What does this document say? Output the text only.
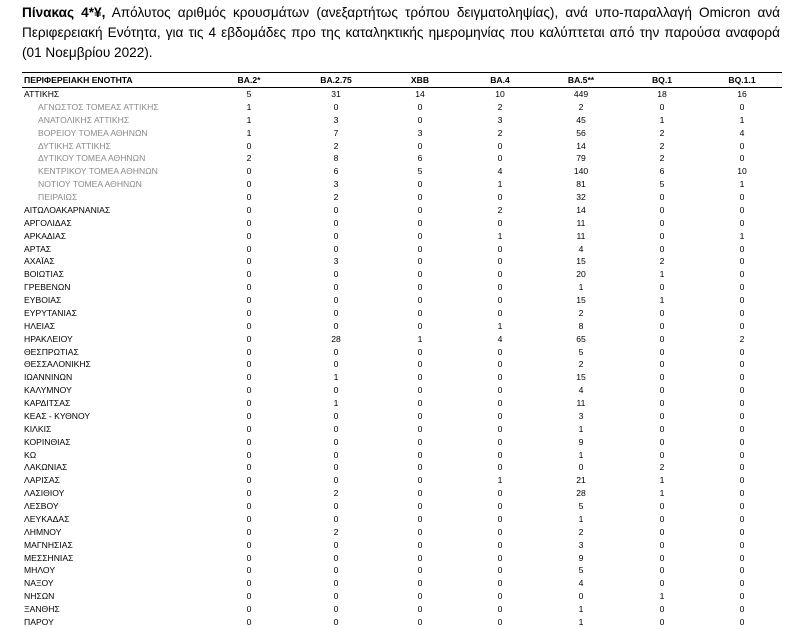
Πίνακας 4*¥, Απόλυτος αριθμός κρουσμάτων (ανεξαρτήτως τρόπου δειγματοληψίας), ανά υπο-παραλλαγή Omicron ανά Περιφερειακή Ενότητα, για τις 4 εβδομάδες προ της καταληκτικής ημερομηνίας που καλύπτεται από την παρούσα αναφορά (01 Νοεμβρίου 2022).
ΠΕΡΙΦΕΡΕΙΑΚΗ ΕΝΟΤΗΤΑ	BA.2*	BA.2.75	XBB	BA.4	BA.5**	BQ.1	BQ.1.1
ΑΤΤΙΚΗΣ	5	31	14	10	449	18	16
ΑΓΝΩΣΤΟΣ ΤΟΜΕΑΣ ΑΤΤΙΚΗΣ	1	0	0	2	2	0	0
ΑΝΑΤΟΛΙΚΗΣ ΑΤΤΙΚΗΣ	1	3	0	3	45	1	1
ΒΟΡΕΙΟΥ ΤΟΜΕΑ ΑΘΗΝΩΝ	1	7	3	2	56	2	4
ΔΥΤΙΚΗΣ ΑΤΤΙΚΗΣ	0	2	0	0	14	2	0
ΔΥΤΙΚΟΥ ΤΟΜΕΑ ΑΘΗΝΩΝ	2	8	6	0	79	2	0
ΚΕΝΤΡΙΚΟΥ ΤΟΜΕΑ ΑΘΗΝΩΝ	0	6	5	4	140	6	10
ΝΟΤΙΟΥ ΤΟΜΕΑ ΑΘΗΝΩΝ	0	3	0	1	81	5	1
ΠΕΙΡΑΙΩΣ	0	2	0	0	32	0	0
ΑΙΤΩΛΟΑΚΑΡΝΑΝΙΑΣ	0	0	0	2	14	0	0
ΑΡΓΟΛΙΔΑΣ	0	0	0	0	11	0	0
ΑΡΚΑΔΙΑΣ	0	0	0	1	11	0	1
ΑΡΤΑΣ	0	0	0	0	4	0	0
ΑΧΑΪΑΣ	0	3	0	0	15	2	0
ΒΟΙΩΤΙΑΣ	0	0	0	0	20	1	0
ΓΡΕΒΕΝΩΝ	0	0	0	0	1	0	0
ΕΥΒΟΙΑΣ	0	0	0	0	15	1	0
ΕΥΡΥΤΑΝΙΑΣ	0	0	0	0	2	0	0
ΗΛΕΙΑΣ	0	0	0	1	8	0	0
ΗΡΑΚΛΕΙΟΥ	0	28	1	4	65	0	2
ΘΕΣΠΡΩΤΙΑΣ	0	0	0	0	5	0	0
ΘΕΣΣΑΛΟΝΙΚΗΣ	0	0	0	0	2	0	0
ΙΩΑΝΝΙΝΩΝ	0	1	0	0	15	0	0
ΚΑΛΥΜΝΟΥ	0	0	0	0	4	0	0
ΚΑΡΔΙΤΣΑΣ	0	1	0	0	11	0	0
ΚΕΑΣ - ΚΥΘΝΟΥ	0	0	0	0	3	0	0
ΚΙΛΚΙΣ	0	0	0	0	1	0	0
ΚΟΡΙΝΘΙΑΣ	0	0	0	0	9	0	0
ΚΩ	0	0	0	0	1	0	0
ΛΑΚΩΝΙΑΣ	0	0	0	0	0	2	0
ΛΑΡΙΣΑΣ	0	0	0	1	21	1	0
ΛΑΣΙΘΙΟΥ	0	2	0	0	28	1	0
ΛΕΣΒΟΥ	0	0	0	0	5	0	0
ΛΕΥΚΑΔΑΣ	0	0	0	0	1	0	0
ΛΗΜΝΟΥ	0	2	0	0	2	0	0
ΜΑΓΝΗΣΙΑΣ	0	0	0	0	3	0	0
ΜΕΣΣΗΝΙΑΣ	0	0	0	0	9	0	0
ΜΗΛΟΥ	0	0	0	0	5	0	0
ΝΑΞΟΥ	0	0	0	0	4	0	0
ΝΗΣΩΝ	0	0	0	0	0	1	0
ΞΑΝΘΗΣ	0	0	0	0	1	0	0
ΠΑΡΟΥ	0	0	0	0	1	0	0
